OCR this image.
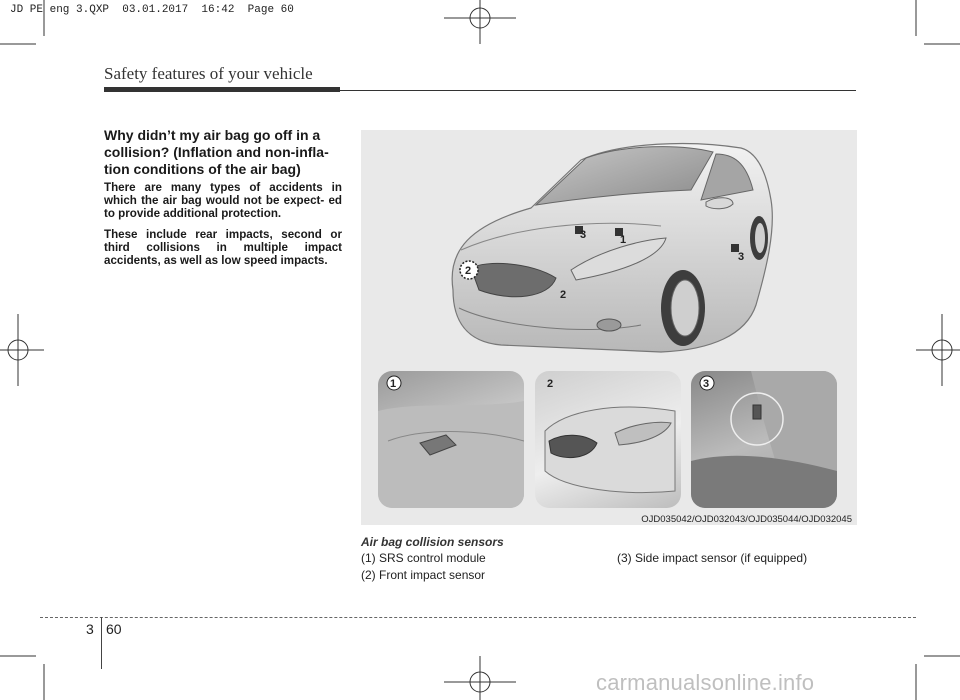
JD PE eng 3.QXP  03.01.2017  16:42  Page 60
Safety features of your vehicle
Why didn’t my air bag go off in a collision? (Inflation and non-infla- tion conditions of the air bag)
There are many types of accidents in which the air bag would not be expect- ed to provide additional protection.
These include rear impacts, second or third collisions in multiple impact accidents, as well as low speed impacts.
3	1
2
2
3
1	2	3
OJD035042/OJD032043/OJD035044/OJD032045
Air bag collision sensors
(1) SRS control module
(2) Front impact sensor
(3) Side impact sensor (if equipped)
3 60
carmanualsonline.info
